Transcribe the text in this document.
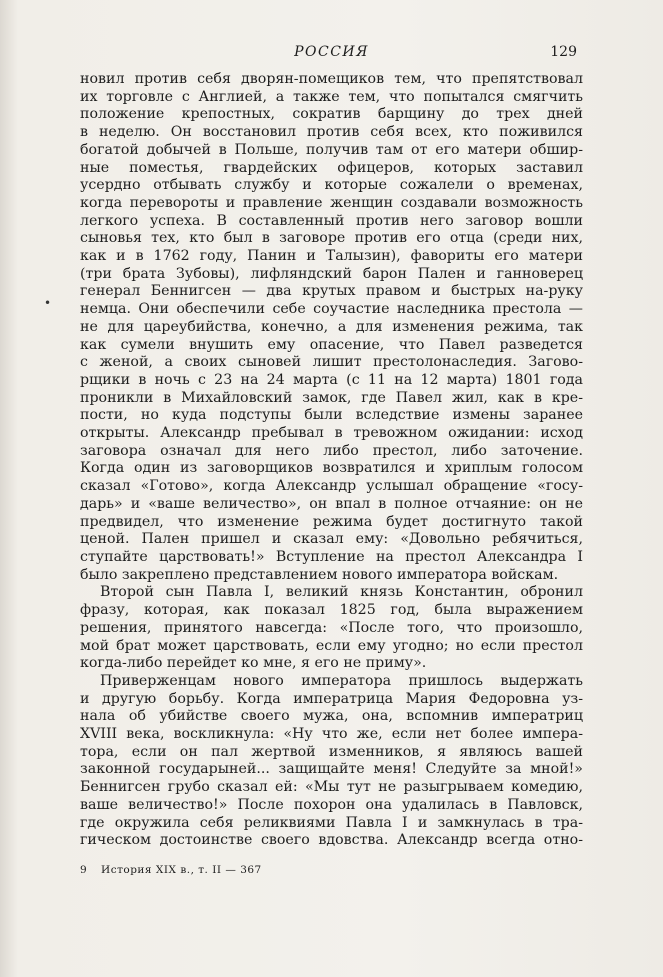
РОССИЯ	129
•
новил против себя дворян-помещиков тем, что препятствовал
их торговле с Англией, а также тем, что попытался смягчить
положение крепостных, сократив барщину до трех дней
в неделю. Он восстановил против себя всех, кто поживился
богатой добычей в Польше, получив там от его матери обшир-
ные поместья, гвардейских офицеров, которых заставил
усердно отбывать службу и которые сожалели о временах,
когда перевороты и правление женщин создавали возможность
легкого успеха. В составленный против него заговор вошли
сыновья тех, кто был в заговоре против его отца (среди них,
как и в 1762 году, Панин и Талызин), фавориты его матери
(три брата Зубовы), лифляндский барон Пален и ганноверец
генерал Беннигсен — два крутых правом и быстрых на-руку
немца. Они обеспечили себе соучастие наследника престола —
не для цареубийства, конечно, а для изменения режима, так
как сумели внушить ему опасение, что Павел разведется
с женой, а своих сыновей лишит престолонаследия. Загово-
рщики в ночь с 23 на 24 марта (с 11 на 12 марта) 1801 года
проникли в Михайловский замок, где Павел жил, как в кре-
пости, но куда подступы были вследствие измены заранее
открыты. Александр пребывал в тревожном ожидании: исход
заговора означал для него либо престол, либо заточение.
Когда один из заговорщиков возвратился и хриплым голосом
сказал «Готово», когда Александр услышал обращение «госу-
дарь» и «ваше величество», он впал в полное отчаяние: он не
предвидел, что изменение режима будет достигнуто такой
ценой. Пален пришел и сказал ему: «Довольно ребячиться,
ступайте царствовать!» Вступление на престол Александра I
было закреплено представлением нового императора войскам.
Второй сын Павла I, великий князь Константин, обронил
фразу, которая, как показал 1825 год, была выражением
решения, принятого навсегда: «После того, что произошло,
мой брат может царствовать, если ему угодно; но если престол
когда-либо перейдет ко мне, я его не приму».
Приверженцам нового императора пришлось выдержать
и другую борьбу. Когда императрица Мария Федоровна уз-
нала об убийстве своего мужа, она, вспомнив императриц
XVIII века, воскликнула: «Ну что же, если нет более импера-
тора, если он пал жертвой изменников, я являюсь вашей
законной государыней... защищайте меня! Следуйте за мной!»
Беннигсен грубо сказал ей: «Мы тут не разыгрываем комедию,
ваше величество!» После похорон она удалилась в Павловск,
где окружила себя реликвиями Павла I и замкнулась в тра-
гическом достоинстве своего вдовства. Александр всегда отно-
9 История XIX в., т. II — 367
